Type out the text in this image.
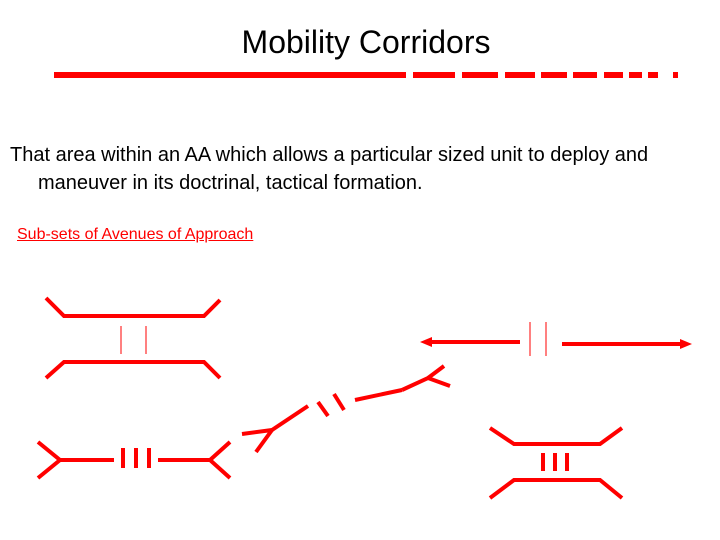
Mobility Corridors
That area within an AA which allows a particular sized unit to deploy and maneuver in its doctrinal, tactical formation.
Sub-sets of Avenues of Approach
